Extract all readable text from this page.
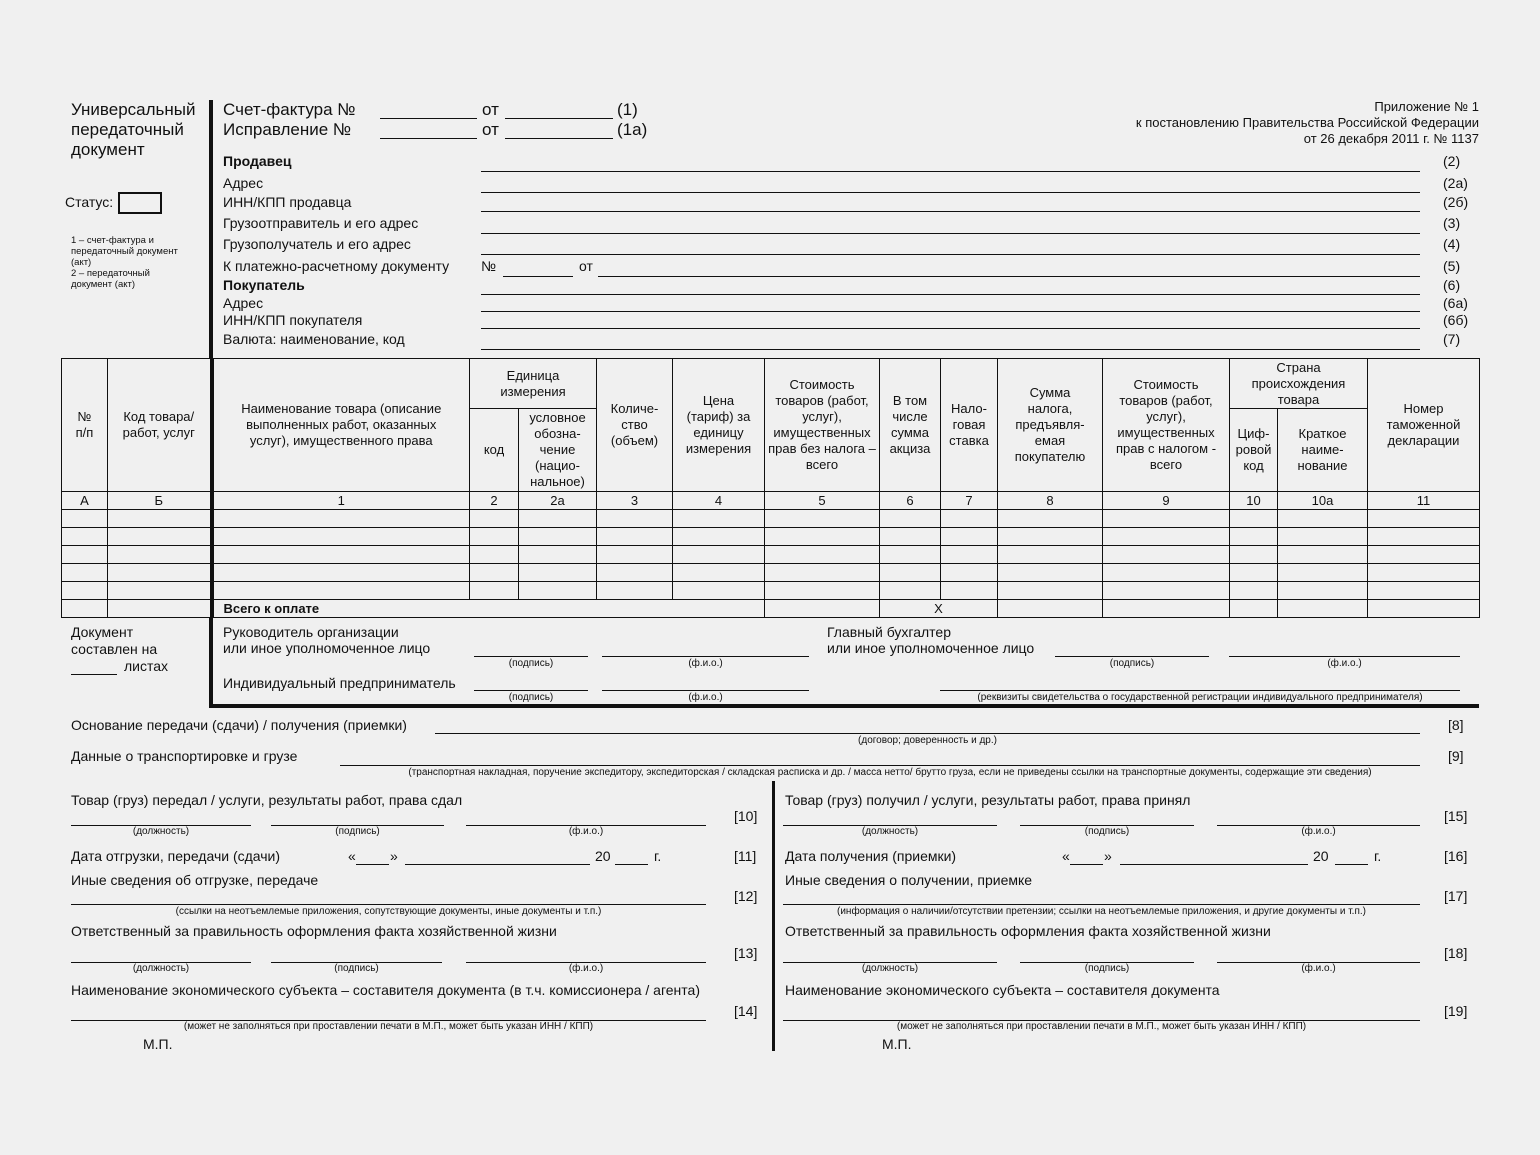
Универсальный
передаточный
документ
Статус:
1 – счет-фактура и
передаточный документ
(акт)
2 – передаточный
документ (акт)
Счет-фактура №	от	(1)
Исправление №	от	(1а)
Приложение № 1
к постановлению Правительства Российской Федерации
от 26 декабря 2011 г. № 1137
Продавец	(2)
Адрес	(2а)
ИНН/КПП продавца	(2б)
Грузоотправитель и его адрес	(3)
Грузополучатель и его адрес	(4)
К платежно-расчетному документу №	от	(5)
Покупатель	(6)
Адрес	(6а)
ИНН/КПП покупателя	(6б)
Валюта: наименование, код	(7)
№ п/п	Код товара/ работ, услуг	Наименование товара (описание выполненных работ, оказанных услуг), имущественного права	Единица измерения		Количе-ство (объем)	Цена (тариф) за единицу измерения	Стоимость товаров (работ, услуг), имущественных прав без налога – всего	В том числе сумма акциза	Нало-говая ставка	Сумма налога, предъявля-емая покупателю	Стоимость товаров (работ, услуг), имущественных прав с налогом - всего	Страна происхождения товара		Номер таможенной декларации
			код	условное обозна-чение (нацио-нальное)								Циф-ровой код	Краткое наиме-нование	
А	Б	1	2	2а	3	4	5	6	7	8	9	10	10а	11

		Всего к оплате						X						
Документ
составлен на
листах
Руководитель организации
или иное уполномоченное лицо
(подпись)	(ф.и.о.)
Главный бухгалтер
или иное уполномоченное лицо
(подпись)	(ф.и.о.)
Индивидуальный предприниматель
(подпись)	(ф.и.о.)	(реквизиты свидетельства о государственной регистрации индивидуального предпринимателя)
Основание передачи (сдачи) / получения (приемки)
(договор; доверенность и др.)
[8]
Данные о транспортировке и грузе
(транспортная накладная, поручение экспедитору, экспедиторская / складская расписка и др. / масса нетто/ брутто груза, если не приведены ссылки на транспортные документы, содержащие эти сведения)
[9]
Товар (груз) передал / услуги, результаты работ, права сдал
(должность)	(подпись)	(ф.и.о.)
[10]
Дата отгрузки, передачи (сдачи)	« »	20	г.	[11]
Иные сведения об отгрузке, передаче
(ссылки на неотъемлемые приложения, сопутствующие документы, иные документы и т.п.)
[12]
Ответственный за правильность оформления факта хозяйственной жизни
(должность)	(подпись)	(ф.и.о.)
[13]
Наименование экономического субъекта – составителя документа (в т.ч. комиссионера / агента)
(может не заполняться при проставлении печати в М.П., может быть указан ИНН / КПП)
[14]
М.П.
Товар (груз) получил / услуги, результаты работ, права принял
(должность)	(подпись)	(ф.и.о.)
[15]
Дата получения (приемки)	« »	20	г.	[16]
Иные сведения о получении, приемке
(информация о наличии/отсутствии претензии; ссылки на неотъемлемые приложения, и другие документы и т.п.)
[17]
Ответственный за правильность оформления факта хозяйственной жизни
(должность)	(подпись)	(ф.и.о.)
[18]
Наименование экономического субъекта – составителя документа
(может не заполняться при проставлении печати в М.П., может быть указан ИНН / КПП)
[19]
М.П.
